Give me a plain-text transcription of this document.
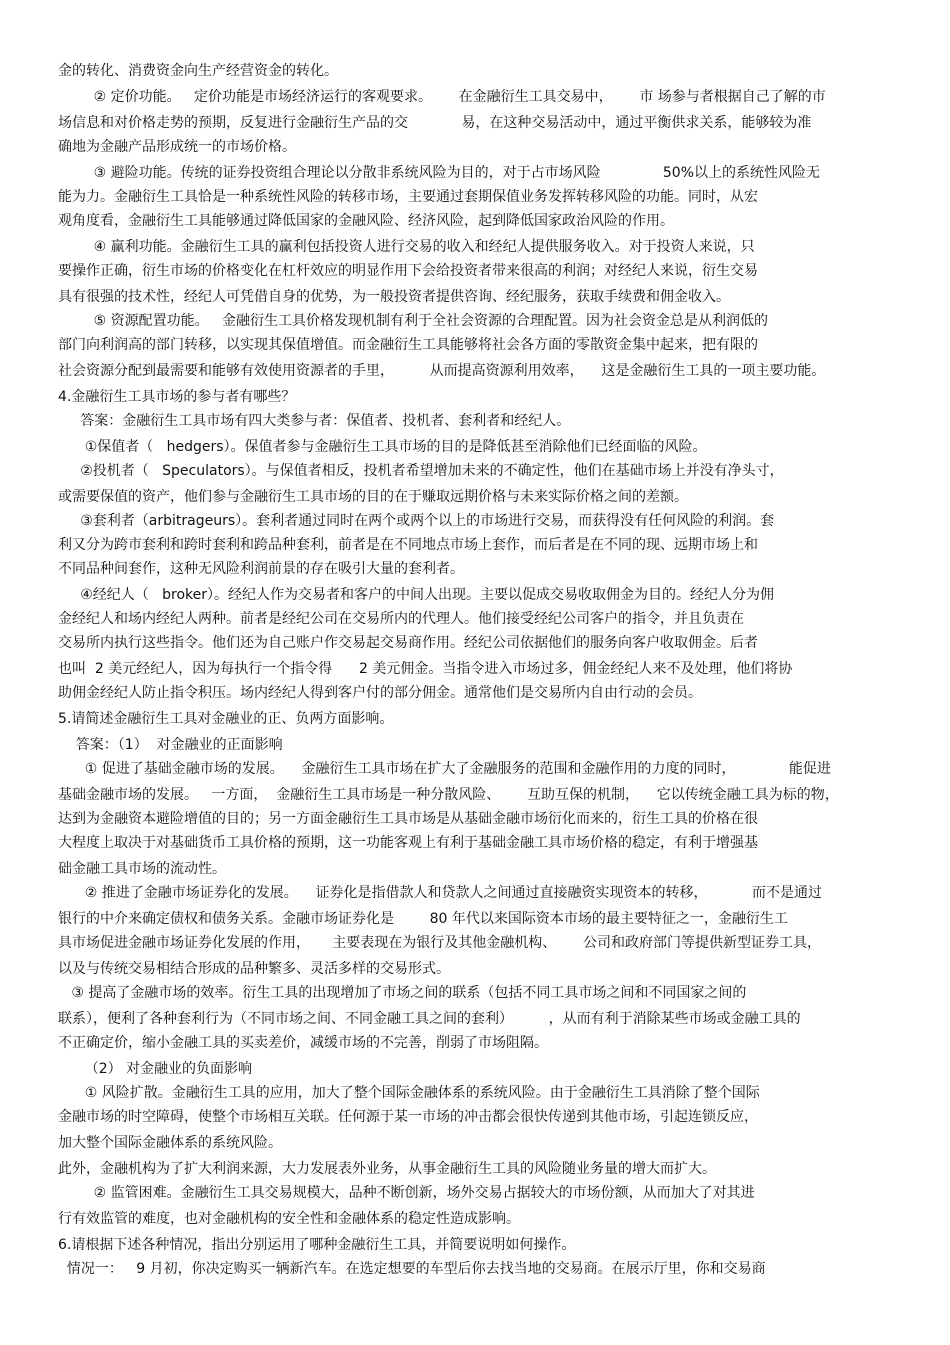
金的转化、消费资金向生产经营资金的转化。
② 定价功能。   定价功能是市场经济运行的客观要求。      在金融衍生工具交易中，      市 场参与者根据自己了解的市
场信息和对价格走势的预期，反复进行金融衍生产品的交            易，在这种交易活动中，通过平衡供求关系，能够较为准
确地为金融产品形成统一的市场价格。
③ 避险功能。传统的证券投资组合理论以分散非系统风险为目的，对于占市场风险              50%以上的系统性风险无
能为力。金融衍生工具恰是一种系统性风险的转移市场，主要通过套期保值业务发挥转移风险的功能。同时，从宏
观角度看，金融衍生工具能够通过降低国家的金融风险、经济风险，起到降低国家政治风险的作用。
④ 赢利功能。金融衍生工具的赢利包括投资人进行交易的收入和经纪人提供服务收入。对于投资人来说，只
要操作正确，衍生市场的价格变化在杠杆效应的明显作用下会给投资者带来很高的利润；对经纪人来说，衍生交易
具有很强的技术性，经纪人可凭借自身的优势，为一般投资者提供咨询、经纪服务，获取手续费和佣金收入。
⑤ 资源配置功能。   金融衍生工具价格发现机制有利于全社会资源的合理配置。因为社会资金总是从利润低的
部门向利润高的部门转移，以实现其保值增值。而金融衍生工具能够将社会各方面的零散资金集中起来，把有限的
社会资源分配到最需要和能够有效使用资源者的手里，        从而提高资源利用效率，    这是金融衍生工具的一项主要功能。
4.金融衍生工具市场的参与者有哪些？
答案：金融衍生工具市场有四大类参与者：保值者、投机者、套利者和经纪人。
①保值者（   hedgers）。保值者参与金融衍生工具市场的目的是降低甚至消除他们已经面临的风险。
②投机者（   Speculators）。与保值者相反，投机者希望增加未来的不确定性，他们在基础市场上并没有净头寸，
或需要保值的资产，他们参与金融衍生工具市场的目的在于赚取远期价格与未来实际价格之间的差额。
③套利者（arbitrageurs）。套利者通过同时在两个或两个以上的市场进行交易，而获得没有任何风险的利润。套
利又分为跨市套利和跨时套利和跨品种套利，前者是在不同地点市场上套作，而后者是在不同的现、远期市场上和
不同品种间套作，这种无风险利润前景的存在吸引大量的套利者。
④经纪人（   broker）。经纪人作为交易者和客户的中间人出现。主要以促成交易收取佣金为目的。经纪人分为佣
金经纪人和场内经纪人两种。前者是经纪公司在交易所内的代理人。他们接受经纪公司客户的指令，并且负责在
交易所内执行这些指令。他们还为自己账户作交易起交易商作用。经纪公司依据他们的服务向客户收取佣金。后者
也叫  2 美元经纪人，因为每执行一个指令得      2 美元佣金。当指令进入市场过多，佣金经纪人来不及处理，他们将协
助佣金经纪人防止指令积压。场内经纪人得到客户付的部分佣金。通常他们是交易所内自由行动的会员。
5.请简述金融衍生工具对金融业的正、负两方面影响。
答案：（1）  对金融业的正面影响
① 促进了基础金融市场的发展。    金融衍生工具市场在扩大了金融服务的范围和金融作用的力度的同时，            能促进
基础金融市场的发展。   一方面，  金融衍生工具市场是一种分散风险、      互助互保的机制，    它以传统金融工具为标的物，
达到为金融资本避险增值的目的；另一方面金融衍生工具市场是从基础金融市场衍化而来的，衍生工具的价格在很
大程度上取决于对基础货币工具价格的预期，这一功能客观上有利于基础金融工具市场价格的稳定，有利于增强基
础金融工具市场的流动性。
② 推进了金融市场证券化的发展。    证券化是指借款人和贷款人之间通过直接融资实现资本的转移，          而不是通过
银行的中介来确定债权和债务关系。金融市场证券化是        80 年代以来国际资本市场的最主要特征之一，金融衍生工
具市场促进金融市场证券化发展的作用，     主要表现在为银行及其他金融机构、      公司和政府部门等提供新型证券工具，
以及与传统交易相结合形成的品种繁多、灵活多样的交易形式。
③ 提高了金融市场的效率。衍生工具的出现增加了市场之间的联系（包括不同工具市场之间和不同国家之间的
联系），便利了各种套利行为（不同市场之间、不同金融工具之间的套利）        ，从而有利于消除某些市场或金融工具的
不正确定价，缩小金融工具的买卖差价，减缓市场的不完善，削弱了市场阻隔。
（2） 对金融业的负面影响
① 风险扩散。金融衍生工具的应用，加大了整个国际金融体系的系统风险。由于金融衍生工具消除了整个国际
金融市场的时空障碍，使整个市场相互关联。任何源于某一市场的冲击都会很快传递到其他市场，引起连锁反应，
加大整个国际金融体系的系统风险。
此外，金融机构为了扩大利润来源，大力发展表外业务，从事金融衍生工具的风险随业务量的增大而扩大。
② 监管困难。金融衍生工具交易规模大，品种不断创新，场外交易占据较大的市场份额，从而加大了对其进
行有效监管的难度，也对金融机构的安全性和金融体系的稳定性造成影响。
6.请根据下述各种情况，指出分别运用了哪种金融衍生工具，并简要说明如何操作。
情况一：   9 月初，你决定购买一辆新汽车。在选定想要的车型后你去找当地的交易商。在展示厅里，你和交易商
